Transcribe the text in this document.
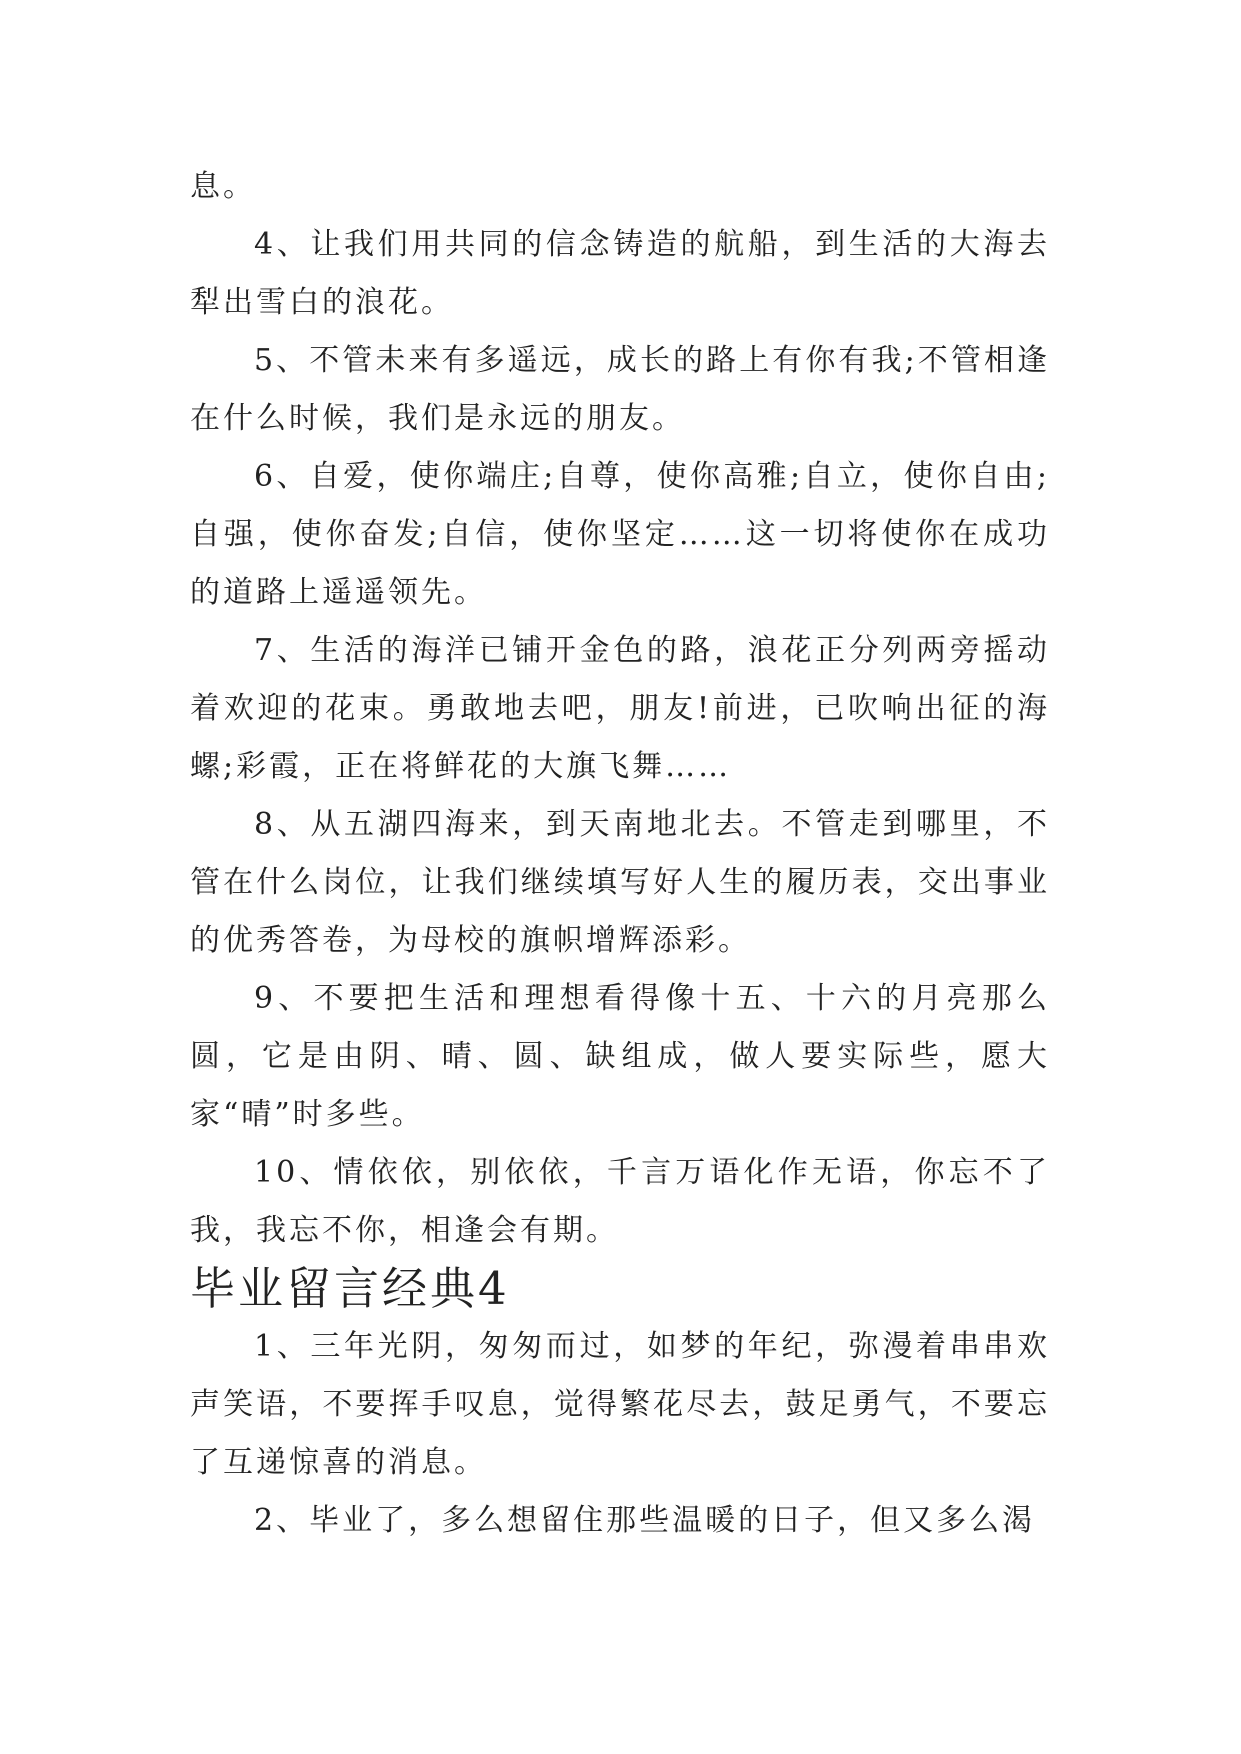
息。

4、让我们用共同的信念铸造的航船，到生活的大海去犁出雪白的浪花。

5、不管未来有多遥远，成长的路上有你有我;不管相逢在什么时候，我们是永远的朋友。

6、自爱，使你端庄;自尊，使你高雅;自立，使你自由;自强，使你奋发;自信，使你坚定……这一切将使你在成功的道路上遥遥领先。

7、生活的海洋已铺开金色的路，浪花正分列两旁摇动着欢迎的花束。勇敢地去吧，朋友!前进，已吹响出征的海螺;彩霞，正在将鲜花的大旗飞舞……

8、从五湖四海来，到天南地北去。不管走到哪里，不管在什么岗位，让我们继续填写好人生的履历表，交出事业的优秀答卷，为母校的旗帜增辉添彩。

9、不要把生活和理想看得像十五、十六的月亮那么圆，它是由阴、晴、圆、缺组成，做人要实际些，愿大家“晴”时多些。

10、情依依，别依依，千言万语化作无语，你忘不了我，我忘不你，相逢会有期。

毕业留言经典4

1、三年光阴，匆匆而过，如梦的年纪，弥漫着串串欢声笑语，不要挥手叹息，觉得繁花尽去，鼓足勇气，不要忘了互递惊喜的消息。

2、毕业了，多么想留住那些温暖的日子，但又多么渴
